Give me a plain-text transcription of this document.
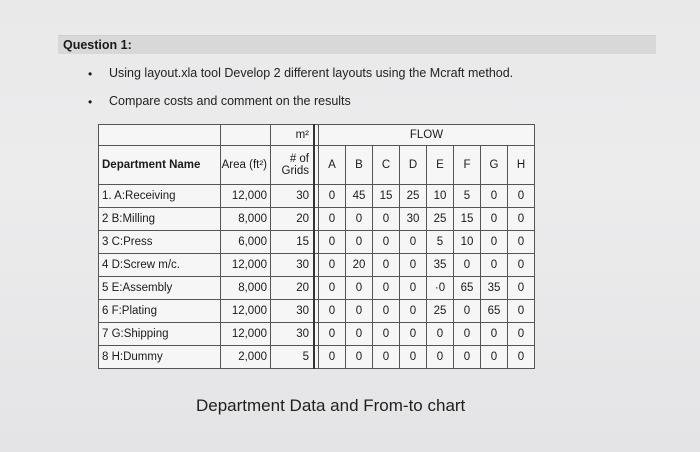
Question 1:
• Using layout.xla tool Develop 2 different layouts using the Mcraft method.
• Compare costs and comment on the results
		m²		FLOW							
Department Name	Area (ft²)	# of Grids		A	B	C	D	E	F	G	H
1. A:Receiving	12,000	30		0	45	15	25	10	5	0	0
2 B:Milling	8,000	20		0	0	0	30	25	15	0	0
3 C:Press	6,000	15		0	0	0	0	5	10	0	0
4 D:Screw m/c.	12,000	30		0	20	0	0	35	0	0	0
5 E:Assembly	8,000	20		0	0	0	0	·0	65	35	0
6 F:Plating	12,000	30		0	0	0	0	25	0	65	0
7 G:Shipping	12,000	30		0	0	0	0	0	0	0	0
8 H:Dummy	2,000	5		0	0	0	0	0	0	0	0
Department Data and From-to chart
